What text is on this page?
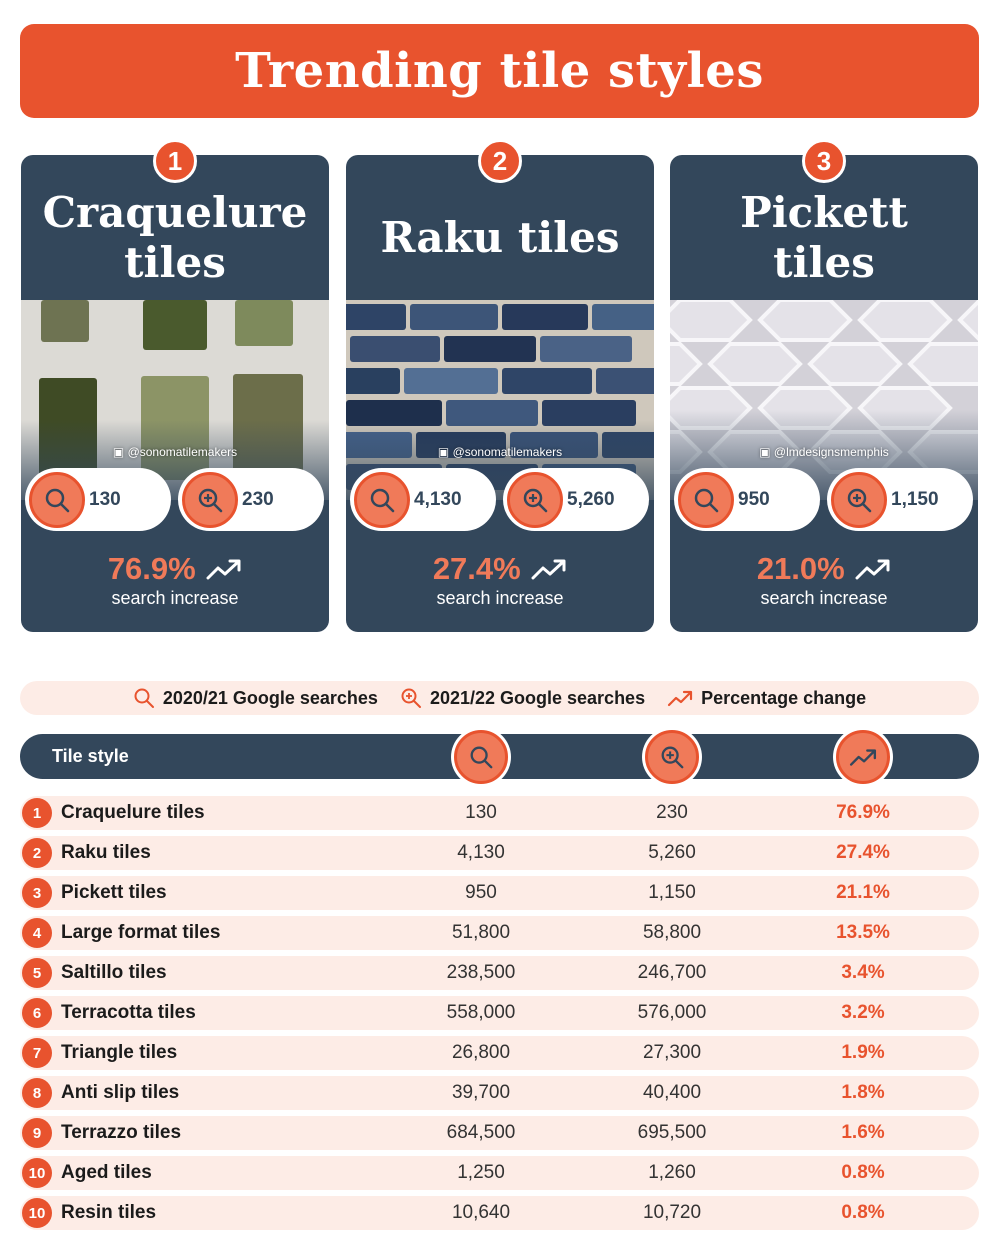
Trending tile styles
1
Craquelure tiles
▣ @sonomatilemakers
130	230
76.9%
search increase
2
Raku tiles
▣ @sonomatilemakers
4,130	5,260
27.4%
search increase
3
Pickett tiles
▣ @lmdesignsmemphis
950	1,150
21.0%
search increase
2020/21 Google searches	2021/22 Google searches	Percentage change
Tile style
1	Craquelure tiles	130	230	76.9%
2	Raku tiles	4,130	5,260	27.4%
3	Pickett tiles	950	1,150	21.1%
4	Large format tiles	51,800	58,800	13.5%
5	Saltillo tiles	238,500	246,700	3.4%
6	Terracotta tiles	558,000	576,000	3.2%
7	Triangle tiles	26,800	27,300	1.9%
8	Anti slip tiles	39,700	40,400	1.8%
9	Terrazzo tiles	684,500	695,500	1.6%
10 Aged tiles	1,250	1,260	0.8%
10 Resin tiles	10,640	10,720	0.8%
